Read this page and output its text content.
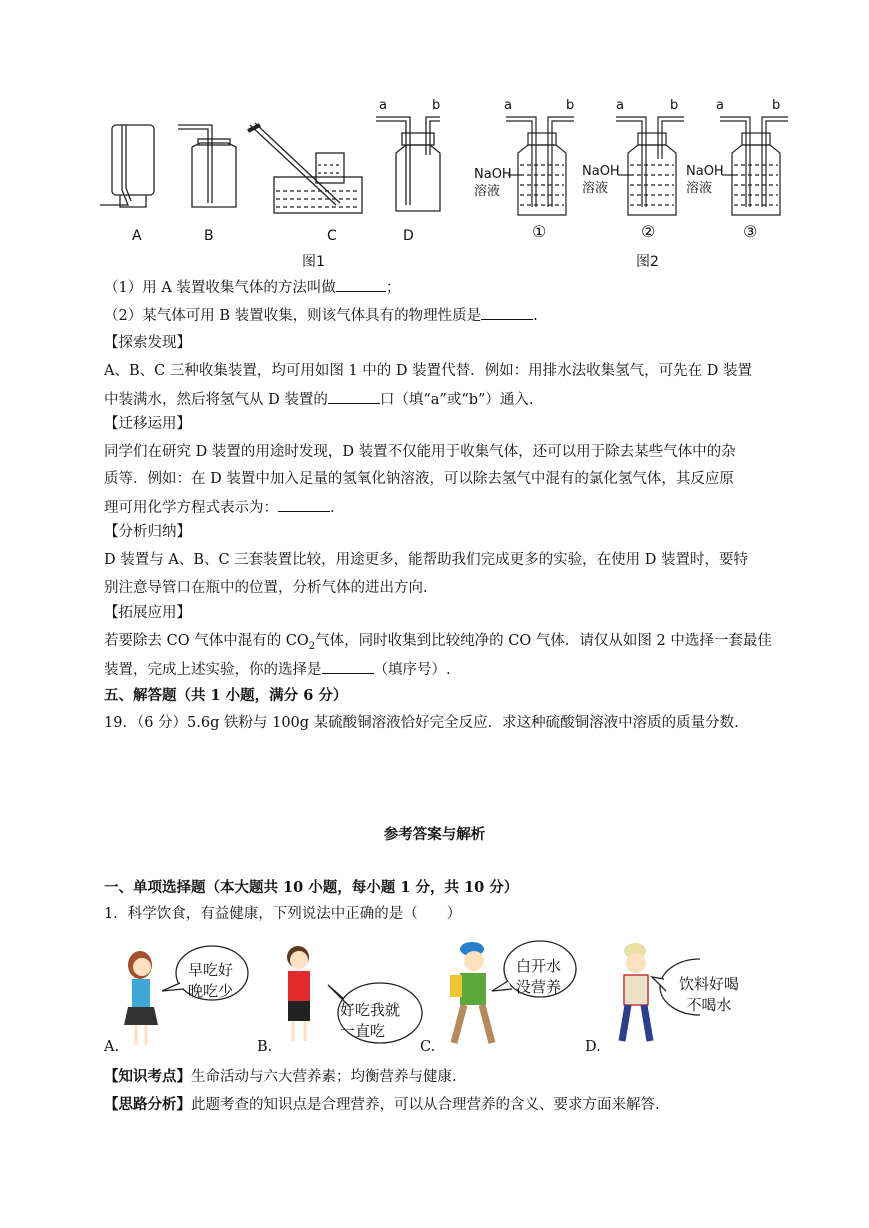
a	b
A	B	C	D
图1
a	b	a	b	a	b
NaOH
溶液
NaOH
溶液
NaOH
溶液
①	②	③
图2
（1）用 A 装置收集气体的方法叫做	；
（2）某气体可用 B 装置收集，则该气体具有的物理性质是	.
【探索发现】
A、B、C 三种收集装置，均可用如图 1 中的 D 装置代替．例如：用排水法收集氢气，可先在 D 装置
中装满水，然后将氢气从 D 装置的	口（填“a”或“b”）通入.
【迁移运用】
同学们在研究 D 装置的用途时发现，D 装置不仅能用于收集气体，还可以用于除去某些气体中的杂
质等．例如：在 D 装置中加入足量的氢氧化钠溶液，可以除去氢气中混有的氯化氢气体，其反应原
理可用化学方程式表示为：	.
【分析归纳】
D 装置与 A、B、C 三套装置比较，用途更多，能帮助我们完成更多的实验，在使用 D 装置时，要特
别注意导管口在瓶中的位置，分析气体的进出方向.
【拓展应用】
若要除去 CO 气体中混有的 $CO_2$气体，同时收集到比较纯净的 CO 气体．请仅从如图 2 中选择一套最佳
装置，完成上述实验，你的选择是	（填序号）.
五、解答题（共 1 小题，满分 6 分）
19．（6 分）5.6g 铁粉与 100g 某硫酸铜溶液恰好完全反应．求这种硫酸铜溶液中溶质的质量分数.
参考答案与解析
一、单项选择题（本大题共 10 小题，每小题 1 分，共 10 分）
1．科学饮食，有益健康，下列说法中正确的是（　　）
早吃好
晚吃少
好吃我就
一直吃
白开水
没营养	饮料好喝
不喝水
A.	B.	C.	D.
【知识考点】生命活动与六大营养素；均衡营养与健康.
【思路分析】此题考查的知识点是合理营养，可以从合理营养的含义、要求方面来解答.
